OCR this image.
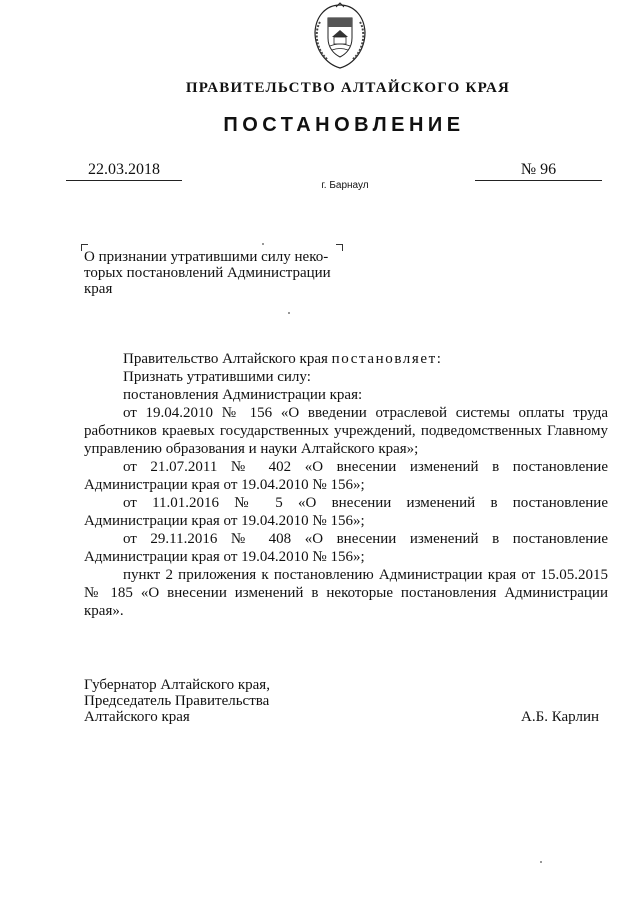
ПРАВИТЕЛЬСТВО АЛТАЙСКОГО КРАЯ
ПОСТАНОВЛЕНИЕ
22.03.2018	№ 96
г. Барнаул
О признании утратившими силу неко-
торых постановлений Администрации
края

Правительство Алтайского края постановляет:

Признать утратившими силу:

постановления Администрации края:

от 19.04.2010 № 156 «О введении отраслевой системы оплаты труда работников краевых государственных учреждений, подведомственных Главному управлению образования и науки Алтайского края»;

от 21.07.2011 № 402 «О внесении изменений в постановление Администрации края от 19.04.2010 № 156»;

от 11.01.2016 № 5 «О внесении изменений в постановление Администрации края от 19.04.2010 № 156»;

от 29.11.2016 № 408 «О внесении изменений в постановление Администрации края от 19.04.2010 № 156»;

пункт 2 приложения к постановлению Администрации края от 15.05.2015 № 185 «О внесении изменений в некоторые постановления Администрации края».

Губернатор Алтайского края,
Председатель Правительства
Алтайского края	А.Б. Карлин
